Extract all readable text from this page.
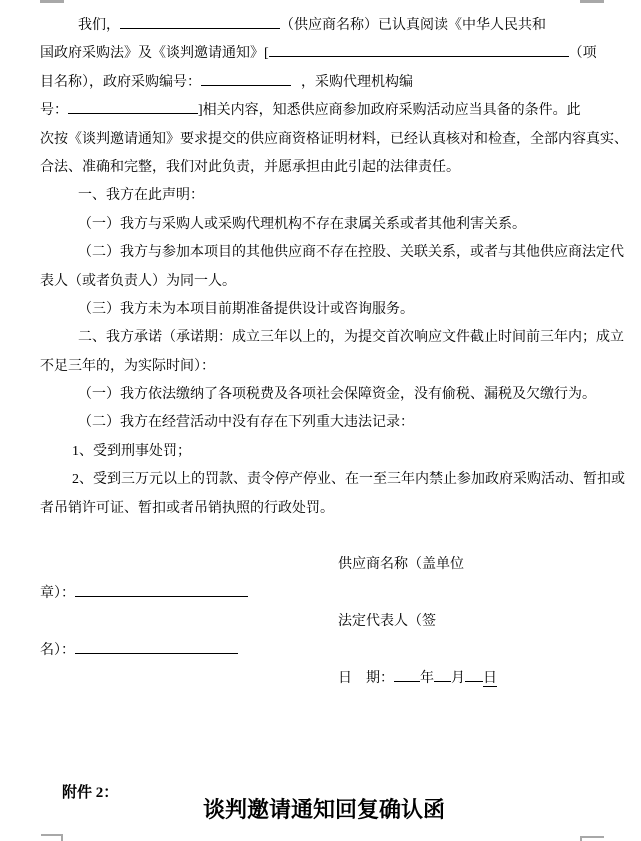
我们，	（供应商名称）已认真阅读《中华人民共和
国政府采购法》及《谈判邀请通知》[	（项
目名称），政府采购编号：	，采购代理机构编
号：	]相关内容，知悉供应商参加政府采购活动应当具备的条件。此
次按《谈判邀请通知》要求提交的供应商资格证明材料，已经认真核对和检查，全部内容真实、
合法、准确和完整，我们对此负责，并愿承担由此引起的法律责任。
一、我方在此声明：
（一）我方与采购人或采购代理机构不存在隶属关系或者其他利害关系。
（二）我方与参加本项目的其他供应商不存在控股、关联关系，或者与其他供应商法定代
表人（或者负责人）为同一人。
（三）我方未为本项目前期准备提供设计或咨询服务。
二、我方承诺（承诺期：成立三年以上的，为提交首次响应文件截止时间前三年内；成立
不足三年的，为实际时间）：
（一）我方依法缴纳了各项税费及各项社会保障资金，没有偷税、漏税及欠缴行为。
（二）我方在经营活动中没有存在下列重大违法记录：
1、受到刑事处罚；
2、受到三万元以上的罚款、责令停产停业、在一至三年内禁止参加政府采购活动、暂扣或
者吊销许可证、暂扣或者吊销执照的行政处罚。
供应商名称（盖单位
章）：
法定代表人（签
名）：
日　期： 年 月 日
附件 2：
谈判邀请通知回复确认函
